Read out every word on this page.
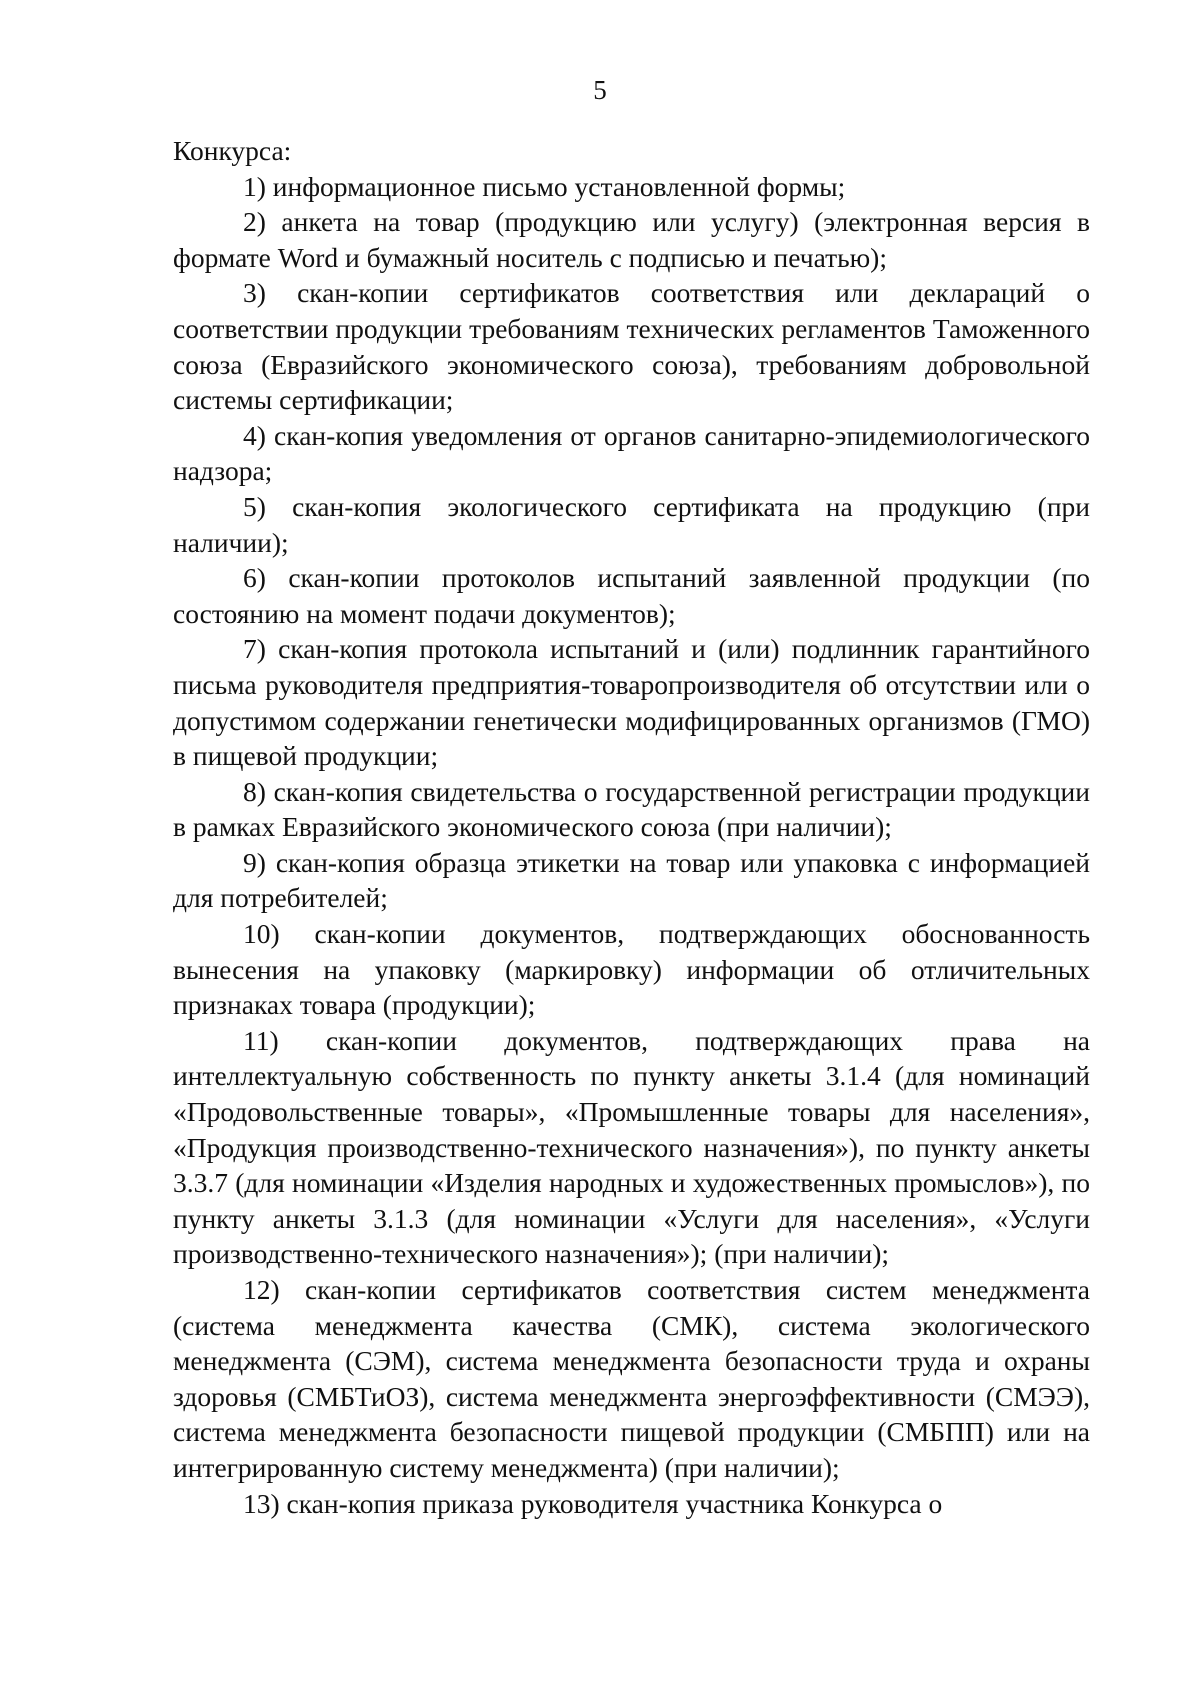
5

Конкурса:

1) информационное письмо установленной формы;

2) анкета на товар (продукцию или услугу) (электронная версия в формате Word и бумажный носитель с подписью и печатью);

3) скан-копии сертификатов соответствия или деклараций о соответствии продукции требованиям технических регламентов Таможенного союза (Евразийского экономического союза), требованиям добровольной системы сертификации;

4) скан-копия уведомления от органов санитарно-эпидемиологического надзора;

5) скан-копия экологического сертификата на продукцию (при наличии);

6) скан-копии протоколов испытаний заявленной продукции (по состоянию на момент подачи документов);

7) скан-копия протокола испытаний и (или) подлинник гарантийного письма руководителя предприятия-товаропроизводителя об отсутствии или о допустимом содержании генетически модифицированных организмов (ГМО) в пищевой продукции;

8) скан-копия свидетельства о государственной регистрации продукции в рамках Евразийского экономического союза (при наличии);

9) скан-копия образца этикетки на товар или упаковка с информацией для потребителей;

10) скан-копии документов, подтверждающих обоснованность вынесения на упаковку (маркировку) информации об отличительных признаках товара (продукции);

11) скан-копии документов, подтверждающих права на интеллектуальную собственность по пункту анкеты 3.1.4 (для номинаций «Продовольственные товары», «Промышленные товары для населения», «Продукция производственно-технического назначения»), по пункту анкеты 3.3.7 (для номинации «Изделия народных и художественных промыслов»), по пункту анкеты 3.1.3 (для номинации «Услуги для населения», «Услуги производственно-технического назначения»); (при наличии);

12) скан-копии сертификатов соответствия систем менеджмента (система менеджмента качества (СМК), система экологического менеджмента (СЭМ), система менеджмента безопасности труда и охраны здоровья (СМБТиОЗ), система менеджмента энергоэффективности (СМЭЭ), система менеджмента безопасности пищевой продукции (СМБПП) или на интегрированную систему менеджмента) (при наличии);

13) скан-копия приказа руководителя участника Конкурса о
